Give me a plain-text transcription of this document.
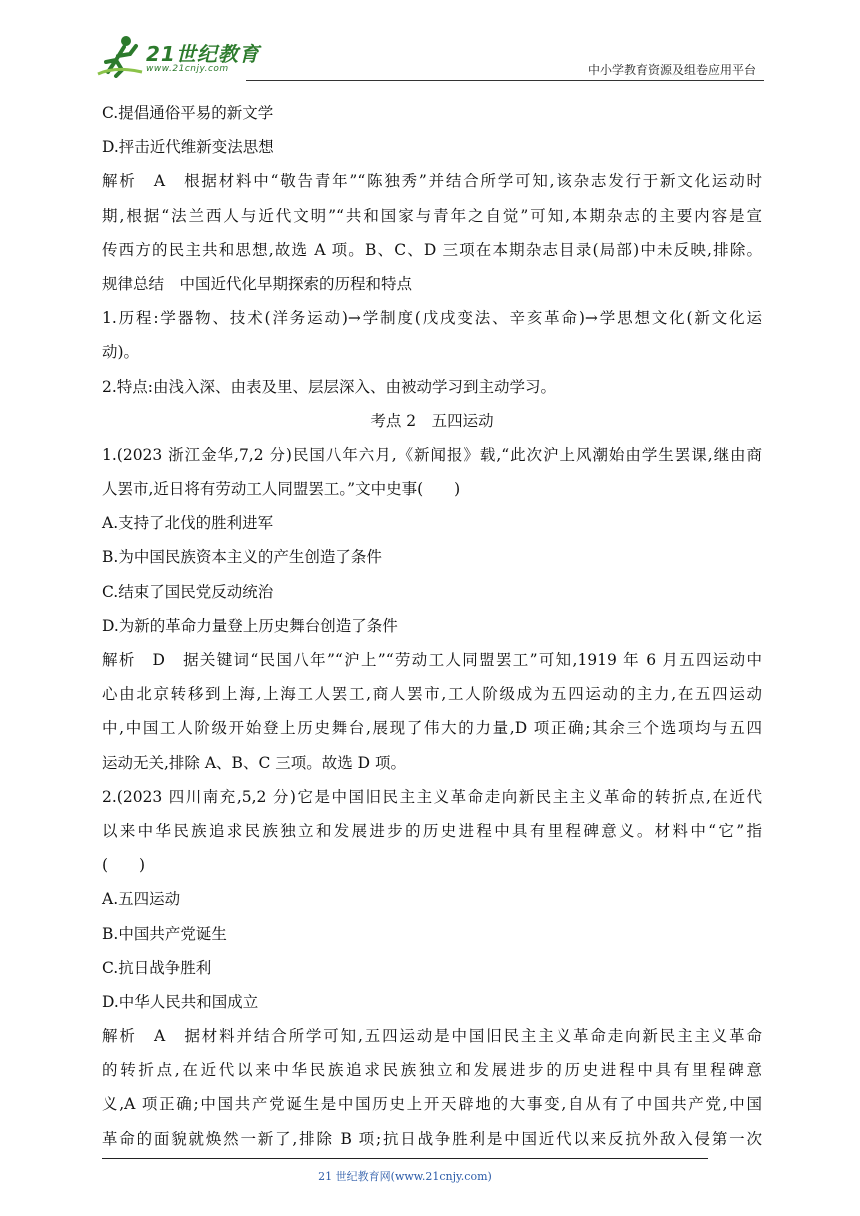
21世纪教育
www.21cnjy.com	中小学教育资源及组卷应用平台
C.提倡通俗平易的新文学
D.抨击近代维新变法思想
解析　A　根据材料中“敬告青年”“陈独秀”并结合所学可知,该杂志发行于新文化运动时
期,根据“法兰西人与近代文明”“共和国家与青年之自觉”可知,本期杂志的主要内容是宣
传西方的民主共和思想,故选 A 项。B、C、D 三项在本期杂志目录(局部)中未反映,排除。
规律总结　中国近代化早期探索的历程和特点
1.历程:学器物、技术(洋务运动)→学制度(戊戌变法、辛亥革命)→学思想文化(新文化运
动)。
2.特点:由浅入深、由表及里、层层深入、由被动学习到主动学习。
考点 2　五四运动
1.(2023 浙江金华,7,2 分)民国八年六月,《新闻报》载,“此次沪上风潮始由学生罢课,继由商
人罢市,近日将有劳动工人同盟罢工。”文中史事(　　)
A.支持了北伐的胜利进军
B.为中国民族资本主义的产生创造了条件
C.结束了国民党反动统治
D.为新的革命力量登上历史舞台创造了条件
解析　D　据关键词“民国八年”“沪上”“劳动工人同盟罢工”可知,1919 年 6 月五四运动中
心由北京转移到上海,上海工人罢工,商人罢市,工人阶级成为五四运动的主力,在五四运动
中,中国工人阶级开始登上历史舞台,展现了伟大的力量,D 项正确;其余三个选项均与五四
运动无关,排除 A、B、C 三项。故选 D 项。
2.(2023 四川南充,5,2 分)它是中国旧民主主义革命走向新民主主义革命的转折点,在近代
以来中华民族追求民族独立和发展进步的历史进程中具有里程碑意义。材料中“它”指
(　　)
A.五四运动
B.中国共产党诞生
C.抗日战争胜利
D.中华人民共和国成立
解析　A　据材料并结合所学可知,五四运动是中国旧民主主义革命走向新民主主义革命
的转折点,在近代以来中华民族追求民族独立和发展进步的历史进程中具有里程碑意
义,A 项正确;中国共产党诞生是中国历史上开天辟地的大事变,自从有了中国共产党,中国
革命的面貌就焕然一新了,排除 B 项;抗日战争胜利是中国近代以来反抗外敌入侵第一次
21 世纪教育网(www.21cnjy.com)
